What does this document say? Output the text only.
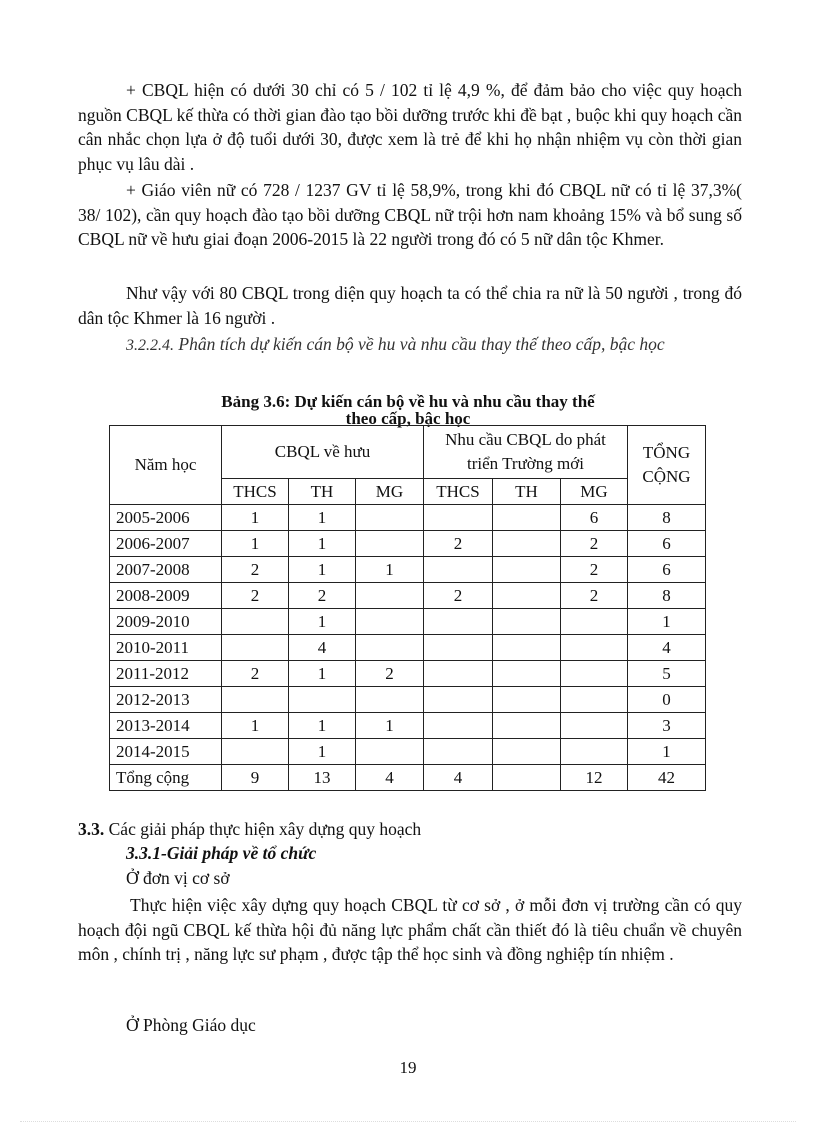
+ CBQL hiện có dưới 30 chỉ có 5 / 102 tỉ lệ 4,9 %, để đảm bảo cho việc quy hoạch nguồn CBQL kế thừa có thời gian đào tạo bồi dưỡng trước khi đề bạt , buộc khi quy hoạch cần cân nhắc chọn lựa ở độ tuổi dưới 30, được xem là trẻ để khi họ nhận nhiệm vụ còn thời gian phục vụ lâu dài .

+ Giáo viên nữ có 728 / 1237 GV tỉ lệ 58,9%, trong khi đó CBQL nữ có tỉ lệ 37,3%( 38/ 102), cần quy hoạch đào tạo bồi dưỡng CBQL nữ trội hơn nam khoảng 15% và bổ sung số CBQL nữ về hưu giai đoạn 2006-2015 là 22 người trong đó có 5 nữ dân tộc Khmer.

Như vậy với 80 CBQL trong diện quy hoạch ta có thể chia ra nữ là 50 người , trong đó dân tộc Khmer là 16 người .

3.2.2.4. Phân tích dự kiến cán bộ về hu và nhu cầu thay thế theo cấp, bậc học

Bảng 3.6: Dự kiến cán bộ về hu và nhu cầu thay thế
theo cấp, bậc học
Năm học	CBQL về hưu			Nhu cầu CBQL do phát triển Trường mới			TỔNG CỘNG
	THCS	TH	MG	THCS	TH	MG	
2005-2006	1	1				6	8
2006-2007	1	1		2		2	6
2007-2008	2	1	1			2	6
2008-2009	2	2		2		2	8
2009-2010		1					1
2010-2011		4					4
2011-2012	2	1	2				5
2012-2013							0
2013-2014	1	1	1				3
2014-2015		1					1
Tổng cộng	9	13	4	4		12	42
3.3. Các giải pháp thực hiện xây dựng quy hoạch
3.3.1-Giải pháp về tổ chức
Ở đơn vị cơ sở

Thực hiện việc xây dựng quy hoạch CBQL từ cơ sở , ở mỗi đơn vị trường cần có quy hoạch đội ngũ CBQL kế thừa hội đủ năng lực phẩm chất cần thiết đó là tiêu chuẩn về chuyên môn , chính trị , năng lực sư phạm , được tập thể học sinh và đồng nghiệp tín nhiệm .

Ở Phòng Giáo dục
19
